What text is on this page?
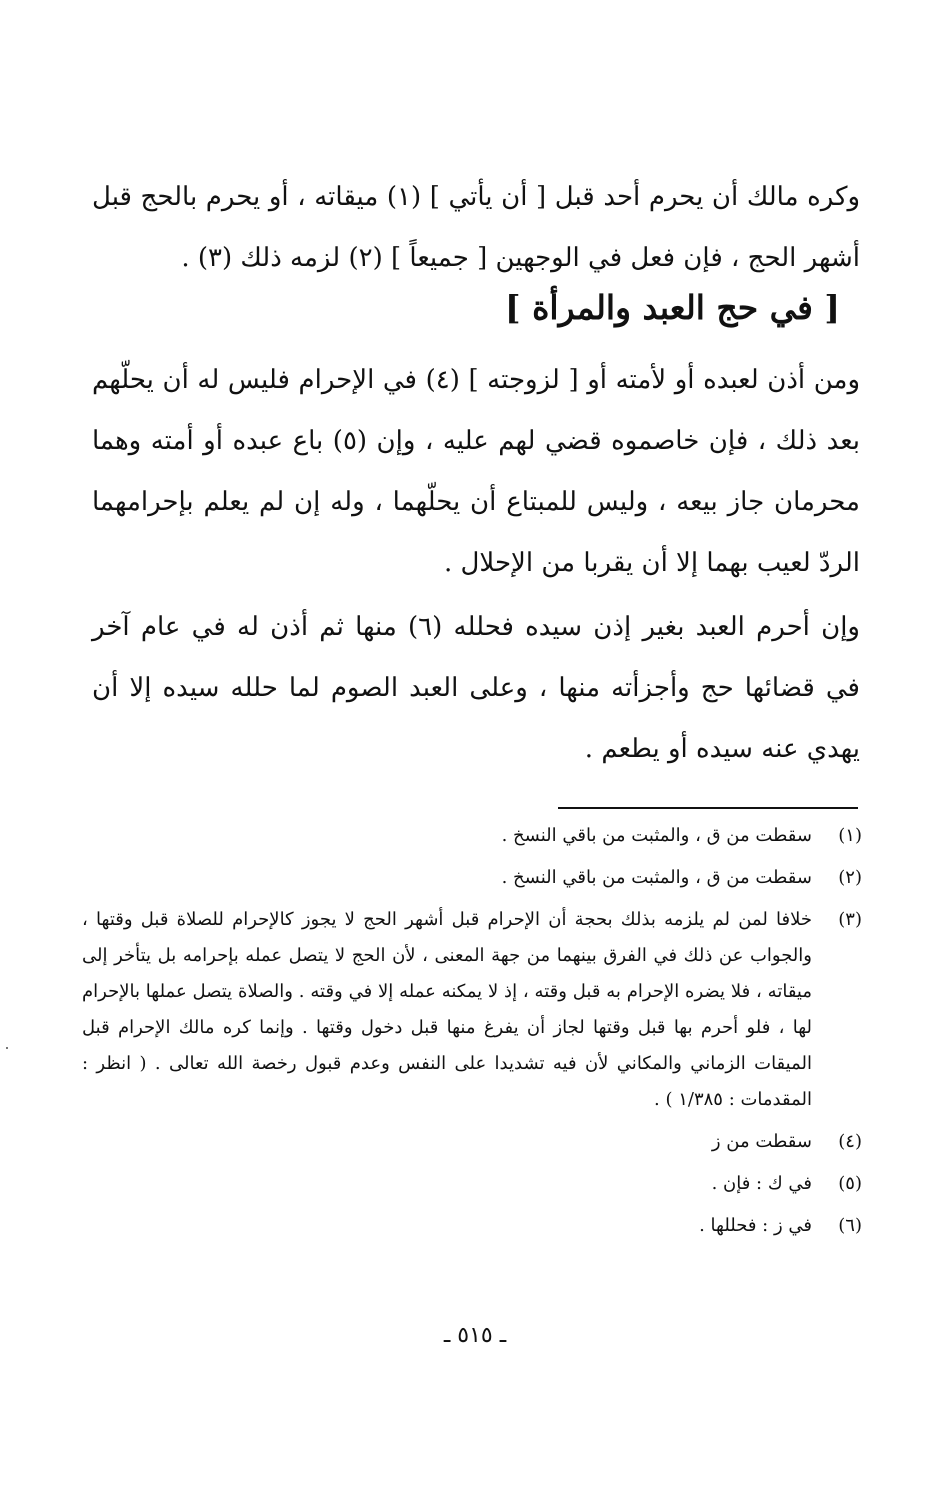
وكره مالك أن يحرم أحد قبل [ أن يأتي ] (١) ميقاته ، أو يحرم بالحج قبل أشهر الحج ، فإن فعل في الوجهين [ جميعاً ] (٢) لزمه ذلك (٣) .

[ في حج العبد والمرأة ]

ومن أذن لعبده أو لأمته أو [ لزوجته ] (٤) في الإحرام فليس له أن يحلّهم بعد ذلك ، فإن خاصموه قضي لهم عليه ، وإن (٥) باع عبده أو أمته وهما محرمان جاز بيعه ، وليس للمبتاع أن يحلّهما ، وله إن لم يعلم بإحرامهما الردّ لعيب بهما إلا أن يقربا من الإحلال .

وإن أحرم العبد بغير إذن سيده فحلله (٦) منها ثم أذن له في عام آخر في قضائها حج وأجزأته منها ، وعلى العبد الصوم لما حلله سيده إلا أن يهدي عنه سيده أو يطعم .

(١)
سقطت من ق ، والمثبت من باقي النسخ .
(٢)
سقطت من ق ، والمثبت من باقي النسخ .
(٣)
خلافا لمن لم يلزمه بذلك بحجة أن الإحرام قبل أشهر الحج لا يجوز كالإحرام للصلاة قبل وقتها ، والجواب عن ذلك في الفرق بينهما من جهة المعنى ، لأن الحج لا يتصل عمله بإحرامه بل يتأخر إلى ميقاته ، فلا يضره الإحرام به قبل وقته ، إذ لا يمكنه عمله إلا في وقته . والصلاة يتصل عملها بالإحرام لها ، فلو أحرم بها قبل وقتها لجاز أن يفرغ منها قبل دخول وقتها . وإنما كره مالك الإحرام قبل الميقات الزماني والمكاني لأن فيه تشديدا على النفس وعدم قبول رخصة الله تعالى . ( انظر : المقدمات : ١/٣٨٥ ) .
(٤)
سقطت من ز
(٥)
في ك : فإن .
(٦)
في ز : فحللها .
ـ ٥١٥ ـ
